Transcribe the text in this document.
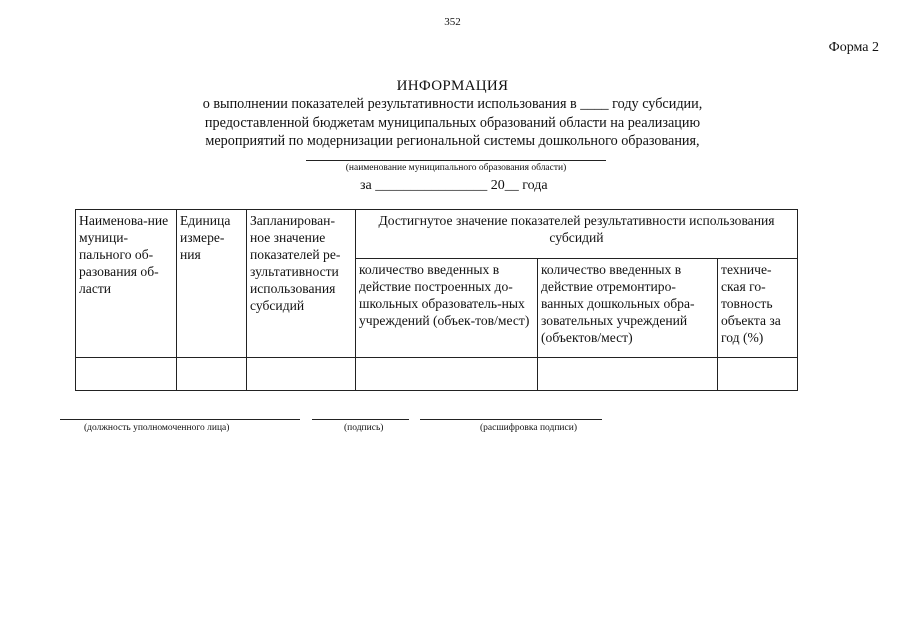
352
Форма 2
ИНФОРМАЦИЯ
о выполнении показателей результативности использования в ____ году субсидии,
предоставленной бюджетам муниципальных образований области на реализацию
мероприятий по модернизации региональной системы дошкольного образования,
(наименование муниципального образования области)
за ________________ 20__ года
Наименова-ние муници-пального об-разования об-ласти	Единица измере-ния	Запланирован-ное значение показателей ре-зультативности использования субсидий	Достигнутое значение показателей результативности использования субсидий		
			количество введенных в действие построенных до-школьных образователь-ных учреждений (объек-тов/мест)	количество введенных в действие отремонтиро-ванных дошкольных обра-зовательных учреждений (объектов/мест)	техниче-ская го-товность объекта за год (%)

(должность уполномоченного лица)	(подпись)	(расшифровка подписи)
